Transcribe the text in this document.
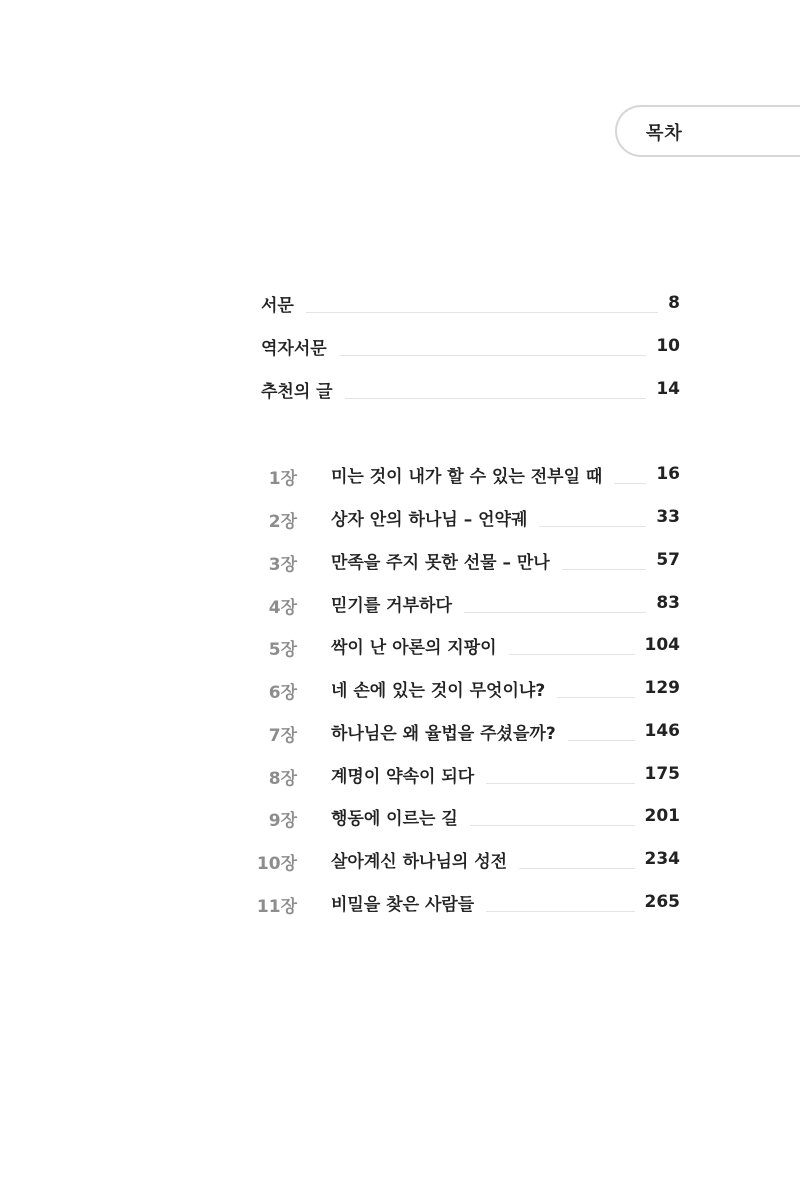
목차
서문	8
역자서문	10
추천의 글	14
1장 미는 것이 내가 할 수 있는 전부일 때	16
2장 상자 안의 하나님 – 언약궤	33
3장 만족을 주지 못한 선물 – 만나	57
4장 믿기를 거부하다	83
5장 싹이 난 아론의 지팡이	104
6장 네 손에 있는 것이 무엇이냐?	129
7장 하나님은 왜 율법을 주셨을까?	146
8장 계명이 약속이 되다	175
9장 행동에 이르는 길	201
10장 살아계신 하나님의 성전	234
11장 비밀을 찾은 사람들	265
